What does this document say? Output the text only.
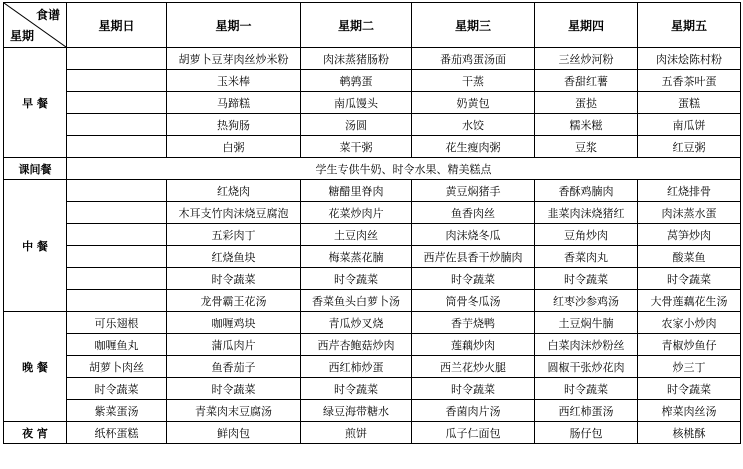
食谱
星期	星期日	星期一	星期二	星期三	星期四	星期五
早 餐		胡萝卜豆芽肉丝炒米粉	肉沫蒸猪肠粉	番茄鸡蛋汤面	三丝炒河粉	肉沫烩陈村粉
		玉米棒	鹌鹑蛋	干蒸	香甜红薯	五香茶叶蛋
		马蹄糕	南瓜馒头	奶黄包	蛋挞	蛋糕
		热狗肠	汤圆	水饺	糯米糍	南瓜饼
		白粥	菜干粥	花生瘦肉粥	豆浆	红豆粥
课间餐	学生专供牛奶、时令水果、精美糕点					
中 餐		红烧肉	糖醋里脊肉	黄豆焖猪手	香酥鸡腩肉	红烧排骨
		木耳支竹肉沫烧豆腐泡	花菜炒肉片	鱼香肉丝	韭菜肉沫烧猪红	肉沫蒸水蛋
		五彩肉丁	土豆肉丝	肉沫烧冬瓜	豆角炒肉	莴笋炒肉
		红烧鱼块	梅菜蒸花腩	西芹佐县香干炒腩肉	香菜肉丸	酸菜鱼
		时令蔬菜	时令蔬菜	时令蔬菜	时令蔬菜	时令蔬菜
		龙骨霸王花汤	香菜鱼头白萝卜汤	筒骨冬瓜汤	红枣沙参鸡汤	大骨莲藕花生汤
晚 餐	可乐翅根	咖喱鸡块	青瓜炒叉烧	香芋烧鸭	土豆焖牛腩	农家小炒肉
	咖喱鱼丸	蒲瓜肉片	西芹杏鲍菇炒肉	莲藕炒肉	白菜肉沫炒粉丝	青椒炒鱼仔
	胡萝卜肉丝	鱼香茄子	西红柿炒蛋	西兰花炒火腿	圆椒干张炒花肉	炒三丁
	时令蔬菜	时令蔬菜	时令蔬菜	时令蔬菜	时令蔬菜	时令蔬菜
	紫菜蛋汤	青菜肉末豆腐汤	绿豆海带糖水	香菌肉片汤	西红柿蛋汤	榨菜肉丝汤
夜 宵	纸杯蛋糕	鲜肉包	煎饼	瓜子仁面包	肠仔包	核桃酥
